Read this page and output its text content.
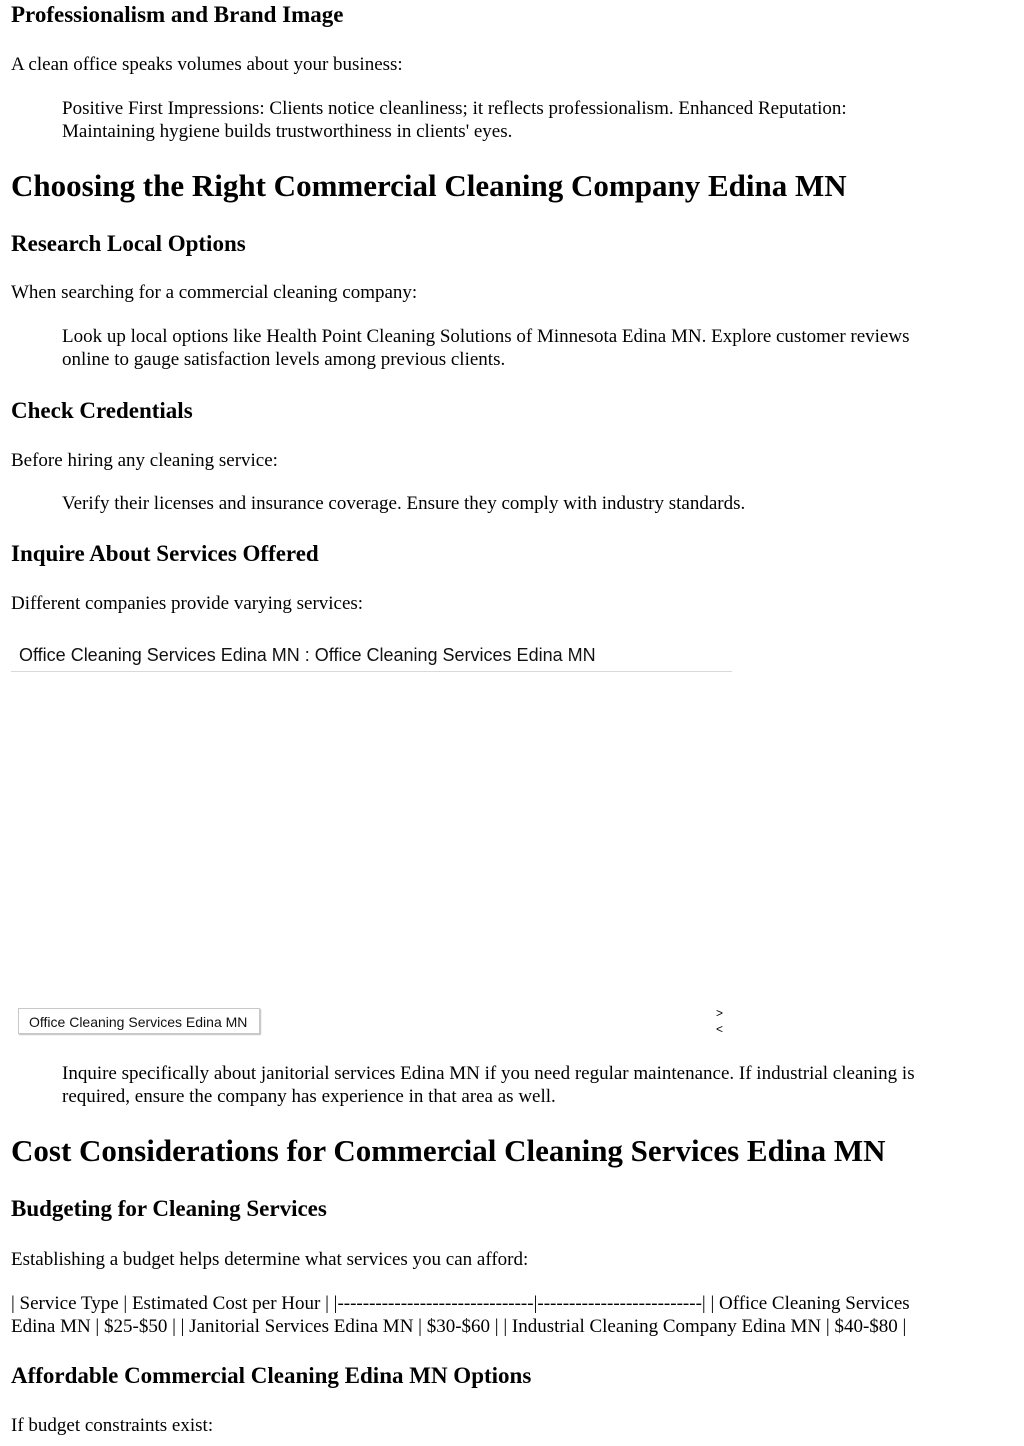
Professionalism and Brand Image
A clean office speaks volumes about your business:
Positive First Impressions: Clients notice cleanliness; it reflects professionalism. Enhanced Reputation:
Maintaining hygiene builds trustworthiness in clients' eyes.
Choosing the Right Commercial Cleaning Company Edina MN
Research Local Options
When searching for a commercial cleaning company:
Look up local options like Health Point Cleaning Solutions of Minnesota Edina MN. Explore customer reviews
online to gauge satisfaction levels among previous clients.
Check Credentials
Before hiring any cleaning service:
Verify their licenses and insurance coverage. Ensure they comply with industry standards.
Inquire About Services Offered
Different companies provide varying services:
Office Cleaning Services Edina MN : Office Cleaning Services Edina MN
Office Cleaning Services Edina MN
>
<
Inquire specifically about janitorial services Edina MN if you need regular maintenance. If industrial cleaning is
required, ensure the company has experience in that area as well.
Cost Considerations for Commercial Cleaning Services Edina MN
Budgeting for Cleaning Services
Establishing a budget helps determine what services you can afford:
| Service Type | Estimated Cost per Hour | |-------------------------------|--------------------------| | Office Cleaning Services
Edina MN | $25-$50 | | Janitorial Services Edina MN | $30-$60 | | Industrial Cleaning Company Edina MN | $40-$80 |
Affordable Commercial Cleaning Edina MN Options
If budget constraints exist:
